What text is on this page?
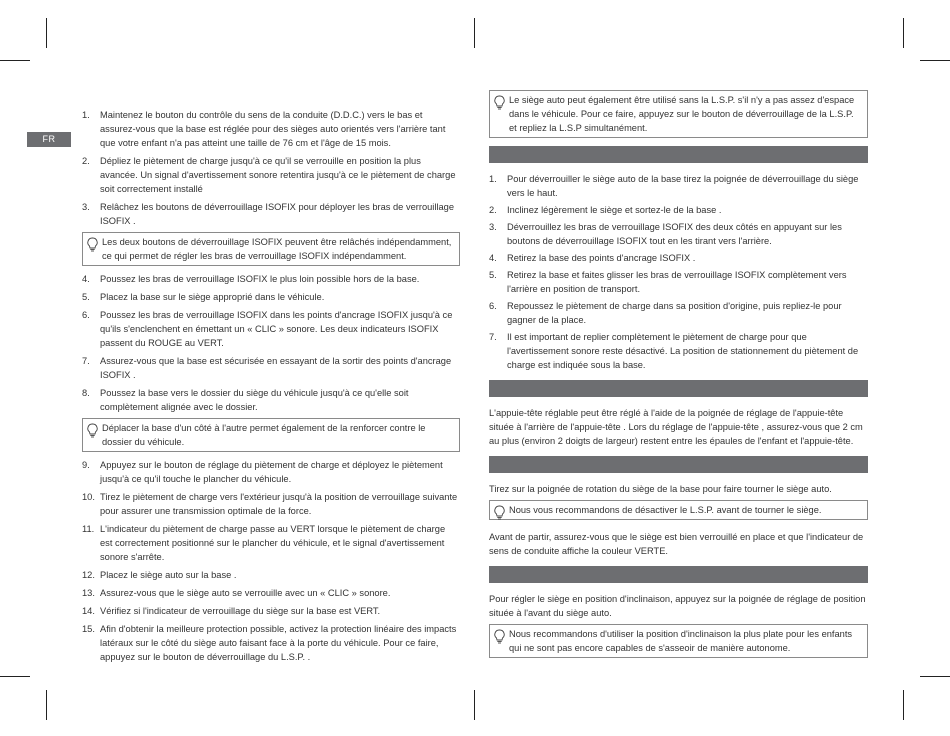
FR
1. Maintenez le bouton du contrôle du sens de la conduite (D.D.C.) vers le bas et assurez-vous que la base est réglée pour des sièges auto orientés vers l'arrière tant que votre enfant n'a pas atteint une taille de 76 cm et l'âge de 15 mois.
2. Dépliez le piètement de charge jusqu'à ce qu'il se verrouille en position la plus avancée. Un signal d'avertissement sonore retentira jusqu'à ce le piètement de charge soit correctement installé
3. Relâchez les boutons de déverrouillage ISOFIX pour déployer les bras de verrouillage ISOFIX .
Les deux boutons de déverrouillage ISOFIX peuvent être relâchés indépendamment, ce qui permet de régler les bras de verrouillage ISOFIX indépendamment.
4. Poussez les bras de verrouillage ISOFIX le plus loin possible hors de la base.
5. Placez la base sur le siège approprié dans le véhicule.
6. Poussez les bras de verrouillage ISOFIX dans les points d'ancrage ISOFIX jusqu'à ce qu'ils s'enclenchent en émettant un « CLIC » sonore. Les deux indicateurs ISOFIX passent du ROUGE au VERT.
7. Assurez-vous que la base est sécurisée en essayant de la sortir des points d'ancrage ISOFIX .
8. Poussez la base vers le dossier du siège du véhicule jusqu'à ce qu'elle soit complètement alignée avec le dossier.
Déplacer la base d'un côté à l'autre permet également de la renforcer contre le dossier du véhicule.
9. Appuyez sur le bouton de réglage du piètement de charge et déployez le piètement jusqu'à ce qu'il touche le plancher du véhicule.
10. Tirez le piètement de charge vers l'extérieur jusqu'à la position de verrouillage suivante pour assurer une transmission optimale de la force.
11. L'indicateur du piètement de charge passe au VERT lorsque le piètement de charge est correctement positionné sur le plancher du véhicule, et le signal d'avertissement sonore s'arrête.
12. Placez le siège auto sur la base .
13. Assurez-vous que le siège auto se verrouille avec un « CLIC » sonore.
14. Vérifiez si l'indicateur de verrouillage du siège sur la base est VERT.
15. Afin d'obtenir la meilleure protection possible, activez la protection linéaire des impacts latéraux sur le côté du siège auto faisant face à la porte du véhicule. Pour ce faire, appuyez sur le bouton de déverrouillage du L.S.P. .
Le siège auto peut également être utilisé sans la L.S.P. s'il n'y a pas assez d'espace dans le véhicule. Pour ce faire, appuyez sur le bouton de déverrouillage de la L.S.P. et repliez la L.S.P simultanément.
1. Pour déverrouiller le siège auto de la base tirez la poignée de déverrouillage du siège vers le haut.
2. Inclinez légèrement le siège et sortez-le de la base .
3. Déverrouillez les bras de verrouillage ISOFIX des deux côtés en appuyant sur les boutons de déverrouillage ISOFIX tout en les tirant vers l'arrière.
4. Retirez la base des points d'ancrage ISOFIX .
5. Retirez la base et faites glisser les bras de verrouillage ISOFIX complètement vers l'arrière en position de transport.
6. Repoussez le piètement de charge dans sa position d'origine, puis repliez-le pour gagner de la place.
7. Il est important de replier complètement le piètement de charge pour que l'avertissement sonore reste désactivé. La position de stationnement du piètement de charge est indiquée sous la base.

L'appuie-tête réglable peut être réglé à l'aide de la poignée de réglage de l'appuie-tête située à l'arrière de l'appuie-tête . Lors du réglage de l'appuie-tête , assurez-vous que 2 cm au plus (environ 2 doigts de largeur) restent entre les épaules de l'enfant et l'appuie-tête.

Tirez sur la poignée de rotation du siège de la base pour faire tourner le siège auto.

Nous vous recommandons de désactiver le L.S.P. avant de tourner le siège.

Avant de partir, assurez-vous que le siège est bien verrouillé en place et que l'indicateur de sens de conduite affiche la couleur VERTE.

Pour régler le siège en position d'inclinaison, appuyez sur la poignée de réglage de position située à l'avant du siège auto.

Nous recommandons d'utiliser la position d'inclinaison la plus plate pour les enfants qui ne sont pas encore capables de s'asseoir de manière autonome.
